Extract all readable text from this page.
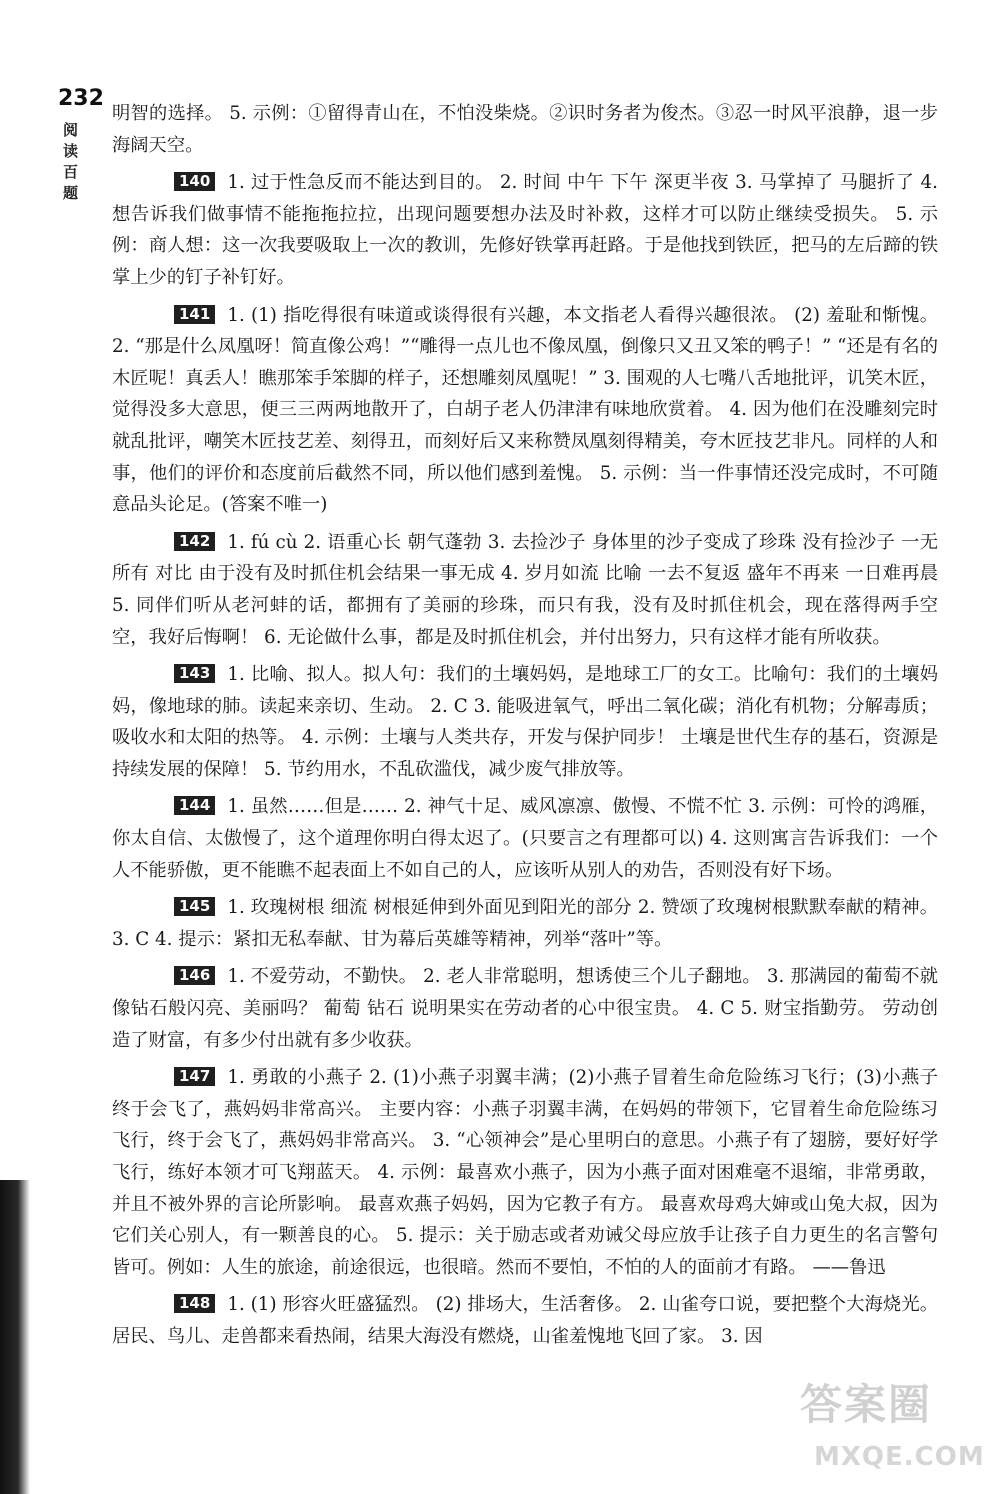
232
阅读百题
明智的选择。 5. 示例：①留得青山在，不怕没柴烧。②识时务者为俊杰。③忍一时风平浪静，退一步海阔天空。
140 1. 过于性急反而不能达到目的。 2. 时间 中午 下午 深更半夜 3. 马掌掉了 马腿折了 4. 想告诉我们做事情不能拖拖拉拉，出现问题要想办法及时补救，这样才可以防止继续受损失。 5. 示例：商人想：这一次我要吸取上一次的教训，先修好铁掌再赶路。于是他找到铁匠，把马的左后蹄的铁掌上少的钉子补钉好。
141 1. (1) 指吃得很有味道或谈得很有兴趣，本文指老人看得兴趣很浓。 (2) 羞耻和惭愧。 2. “那是什么凤凰呀！简直像公鸡！”“雕得一点儿也不像凤凰，倒像只又丑又笨的鸭子！” “还是有名的木匠呢！真丢人！瞧那笨手笨脚的样子，还想雕刻凤凰呢！” 3. 围观的人七嘴八舌地批评，讥笑木匠，觉得没多大意思，便三三两两地散开了，白胡子老人仍津津有味地欣赏着。 4. 因为他们在没雕刻完时就乱批评，嘲笑木匠技艺差、刻得丑，而刻好后又来称赞凤凰刻得精美，夸木匠技艺非凡。同样的人和事，他们的评价和态度前后截然不同，所以他们感到羞愧。 5. 示例：当一件事情还没完成时，不可随意品头论足。(答案不唯一)
142 1. fú cù 2. 语重心长 朝气蓬勃 3. 去捡沙子 身体里的沙子变成了珍珠 没有捡沙子 一无所有 对比 由于没有及时抓住机会结果一事无成 4. 岁月如流 比喻 一去不复返 盛年不再来 一日难再晨 5. 同伴们听从老河蚌的话，都拥有了美丽的珍珠，而只有我，没有及时抓住机会，现在落得两手空空，我好后悔啊！ 6. 无论做什么事，都是及时抓住机会，并付出努力，只有这样才能有所收获。
143 1. 比喻、拟人。拟人句：我们的土壤妈妈，是地球工厂的女工。比喻句：我们的土壤妈妈，像地球的肺。读起来亲切、生动。 2. C 3. 能吸进氧气，呼出二氧化碳；消化有机物；分解毒质；吸收水和太阳的热等。 4. 示例：土壤与人类共存，开发与保护同步！ 土壤是世代生存的基石，资源是持续发展的保障！ 5. 节约用水，不乱砍滥伐，减少废气排放等。
144 1. 虽然……但是…… 2. 神气十足、威风凛凛、傲慢、不慌不忙 3. 示例：可怜的鸿雁，你太自信、太傲慢了，这个道理你明白得太迟了。(只要言之有理都可以) 4. 这则寓言告诉我们：一个人不能骄傲，更不能瞧不起表面上不如自己的人，应该听从别人的劝告，否则没有好下场。
145 1. 玫瑰树根 细流 树根延伸到外面见到阳光的部分 2. 赞颂了玫瑰树根默默奉献的精神。 3. C 4. 提示：紧扣无私奉献、甘为幕后英雄等精神，列举“落叶”等。
146 1. 不爱劳动，不勤快。 2. 老人非常聪明，想诱使三个儿子翻地。 3. 那满园的葡萄不就像钻石般闪亮、美丽吗？ 葡萄 钻石 说明果实在劳动者的心中很宝贵。 4. C 5. 财宝指勤劳。 劳动创造了财富，有多少付出就有多少收获。
147 1. 勇敢的小燕子 2. (1)小燕子羽翼丰满；(2)小燕子冒着生命危险练习飞行；(3)小燕子终于会飞了，燕妈妈非常高兴。 主要内容：小燕子羽翼丰满，在妈妈的带领下，它冒着生命危险练习飞行，终于会飞了，燕妈妈非常高兴。 3. “心领神会”是心里明白的意思。小燕子有了翅膀，要好好学飞行，练好本领才可飞翔蓝天。 4. 示例：最喜欢小燕子，因为小燕子面对困难毫不退缩，非常勇敢，并且不被外界的言论所影响。 最喜欢燕子妈妈，因为它教子有方。 最喜欢母鸡大婶或山兔大叔，因为它们关心别人，有一颗善良的心。 5. 提示：关于励志或者劝诫父母应放手让孩子自力更生的名言警句皆可。例如：人生的旅途，前途很远，也很暗。然而不要怕，不怕的人的面前才有路。 ——鲁迅
148 1. (1) 形容火旺盛猛烈。 (2) 排场大，生活奢侈。 2. 山雀夸口说，要把整个大海烧光。居民、鸟儿、走兽都来看热闹，结果大海没有燃烧，山雀羞愧地飞回了家。 3. 因
答案圈
MXQE.COM
